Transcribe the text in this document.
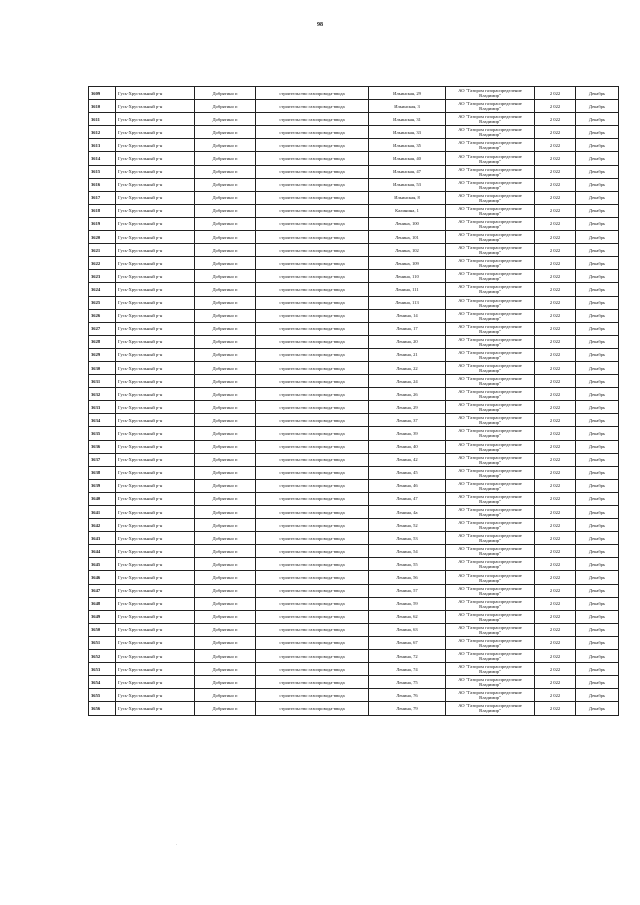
98
3609	Гусь-Хрустальный р-н	Добрятино п	строительство газопровода-ввода	Ильинская, 29	АО "Газпром газораспределение
Владимир"	2 022	Декабрь
3610	Гусь-Хрустальный р-н	Добрятино п	строительство газопровода-ввода	Ильинская, 3	АО "Газпром газораспределение
Владимир"	2 022	Декабрь
3611	Гусь-Хрустальный р-н	Добрятино п	строительство газопровода-ввода	Ильинская, 31	АО "Газпром газораспределение
Владимир"	2 022	Декабрь
3612	Гусь-Хрустальный р-н	Добрятино п	строительство газопровода-ввода	Ильинская, 33	АО "Газпром газораспределение
Владимир"	2 022	Декабрь
3613	Гусь-Хрустальный р-н	Добрятино п	строительство газопровода-ввода	Ильинская, 35	АО "Газпром газораспределение
Владимир"	2 022	Декабрь
3614	Гусь-Хрустальный р-н	Добрятино п	строительство газопровода-ввода	Ильинская, 40	АО "Газпром газораспределение
Владимир"	2 022	Декабрь
3615	Гусь-Хрустальный р-н	Добрятино п	строительство газопровода-ввода	Ильинская, 47	АО "Газпром газораспределение
Владимир"	2 022	Декабрь
3616	Гусь-Хрустальный р-н	Добрятино п	строительство газопровода-ввода	Ильинская, 53	АО "Газпром газораспределение
Владимир"	2 022	Декабрь
3617	Гусь-Хрустальный р-н	Добрятино п	строительство газопровода-ввода	Ильинская, 8	АО "Газпром газораспределение
Владимир"	2 022	Декабрь
3618	Гусь-Хрустальный р-н	Добрятино п	строительство газопровода-ввода	Калинина, 1	АО "Газпром газораспределение
Владимир"	2 022	Декабрь
3619	Гусь-Хрустальный р-н	Добрятино п	строительство газопровода-ввода	Ленина, 100	АО "Газпром газораспределение
Владимир"	2 022	Декабрь
3620	Гусь-Хрустальный р-н	Добрятино п	строительство газопровода-ввода	Ленина, 101	АО "Газпром газораспределение
Владимир"	2 022	Декабрь
3621	Гусь-Хрустальный р-н	Добрятино п	строительство газопровода-ввода	Ленина, 102	АО "Газпром газораспределение
Владимир"	2 022	Декабрь
3622	Гусь-Хрустальный р-н	Добрятино п	строительство газопровода-ввода	Ленина, 109	АО "Газпром газораспределение
Владимир"	2 022	Декабрь
3623	Гусь-Хрустальный р-н	Добрятино п	строительство газопровода-ввода	Ленина, 110	АО "Газпром газораспределение
Владимир"	2 022	Декабрь
3624	Гусь-Хрустальный р-н	Добрятино п	строительство газопровода-ввода	Ленина, 111	АО "Газпром газораспределение
Владимир"	2 022	Декабрь
3625	Гусь-Хрустальный р-н	Добрятино п	строительство газопровода-ввода	Ленина, 113	АО "Газпром газораспределение
Владимир"	2 022	Декабрь
3626	Гусь-Хрустальный р-н	Добрятино п	строительство газопровода-ввода	Ленина, 14	АО "Газпром газораспределение
Владимир"	2 022	Декабрь
3627	Гусь-Хрустальный р-н	Добрятино п	строительство газопровода-ввода	Ленина, 17	АО "Газпром газораспределение
Владимир"	2 022	Декабрь
3628	Гусь-Хрустальный р-н	Добрятино п	строительство газопровода-ввода	Ленина, 20	АО "Газпром газораспределение
Владимир"	2 022	Декабрь
3629	Гусь-Хрустальный р-н	Добрятино п	строительство газопровода-ввода	Ленина, 21	АО "Газпром газораспределение
Владимир"	2 022	Декабрь
3630	Гусь-Хрустальный р-н	Добрятино п	строительство газопровода-ввода	Ленина, 22	АО "Газпром газораспределение
Владимир"	2 022	Декабрь
3631	Гусь-Хрустальный р-н	Добрятино п	строительство газопровода-ввода	Ленина, 24	АО "Газпром газораспределение
Владимир"	2 022	Декабрь
3632	Гусь-Хрустальный р-н	Добрятино п	строительство газопровода-ввода	Ленина, 26	АО "Газпром газораспределение
Владимир"	2 022	Декабрь
3633	Гусь-Хрустальный р-н	Добрятино п	строительство газопровода-ввода	Ленина, 29	АО "Газпром газораспределение
Владимир"	2 022	Декабрь
3634	Гусь-Хрустальный р-н	Добрятино п	строительство газопровода-ввода	Ленина, 37	АО "Газпром газораспределение
Владимир"	2 022	Декабрь
3635	Гусь-Хрустальный р-н	Добрятино п	строительство газопровода-ввода	Ленина, 39	АО "Газпром газораспределение
Владимир"	2 022	Декабрь
3636	Гусь-Хрустальный р-н	Добрятино п	строительство газопровода-ввода	Ленина, 40	АО "Газпром газораспределение
Владимир"	2 022	Декабрь
3637	Гусь-Хрустальный р-н	Добрятино п	строительство газопровода-ввода	Ленина, 42	АО "Газпром газораспределение
Владимир"	2 022	Декабрь
3638	Гусь-Хрустальный р-н	Добрятино п	строительство газопровода-ввода	Ленина, 45	АО "Газпром газораспределение
Владимир"	2 022	Декабрь
3639	Гусь-Хрустальный р-н	Добрятино п	строительство газопровода-ввода	Ленина, 46	АО "Газпром газораспределение
Владимир"	2 022	Декабрь
3640	Гусь-Хрустальный р-н	Добрятино п	строительство газопровода-ввода	Ленина, 47	АО "Газпром газораспределение
Владимир"	2 022	Декабрь
3641	Гусь-Хрустальный р-н	Добрятино п	строительство газопровода-ввода	Ленина, 4а	АО "Газпром газораспределение
Владимир"	2 022	Декабрь
3642	Гусь-Хрустальный р-н	Добрятино п	строительство газопровода-ввода	Ленина, 52	АО "Газпром газораспределение
Владимир"	2 022	Декабрь
3643	Гусь-Хрустальный р-н	Добрятино п	строительство газопровода-ввода	Ленина, 53	АО "Газпром газораспределение
Владимир"	2 022	Декабрь
3644	Гусь-Хрустальный р-н	Добрятино п	строительство газопровода-ввода	Ленина, 54	АО "Газпром газораспределение
Владимир"	2 022	Декабрь
3645	Гусь-Хрустальный р-н	Добрятино п	строительство газопровода-ввода	Ленина, 55	АО "Газпром газораспределение
Владимир"	2 022	Декабрь
3646	Гусь-Хрустальный р-н	Добрятино п	строительство газопровода-ввода	Ленина, 56	АО "Газпром газораспределение
Владимир"	2 022	Декабрь
3647	Гусь-Хрустальный р-н	Добрятино п	строительство газопровода-ввода	Ленина, 57	АО "Газпром газораспределение
Владимир"	2 022	Декабрь
3648	Гусь-Хрустальный р-н	Добрятино п	строительство газопровода-ввода	Ленина, 59	АО "Газпром газораспределение
Владимир"	2 022	Декабрь
3649	Гусь-Хрустальный р-н	Добрятино п	строительство газопровода-ввода	Ленина, 62	АО "Газпром газораспределение
Владимир"	2 022	Декабрь
3650	Гусь-Хрустальный р-н	Добрятино п	строительство газопровода-ввода	Ленина, 63	АО "Газпром газораспределение
Владимир"	2 022	Декабрь
3651	Гусь-Хрустальный р-н	Добрятино п	строительство газопровода-ввода	Ленина, 67	АО "Газпром газораспределение
Владимир"	2 022	Декабрь
3652	Гусь-Хрустальный р-н	Добрятино п	строительство газопровода-ввода	Ленина, 72	АО "Газпром газораспределение
Владимир"	2 022	Декабрь
3653	Гусь-Хрустальный р-н	Добрятино п	строительство газопровода-ввода	Ленина, 74	АО "Газпром газораспределение
Владимир"	2 022	Декабрь
3654	Гусь-Хрустальный р-н	Добрятино п	строительство газопровода-ввода	Ленина, 75	АО "Газпром газораспределение
Владимир"	2 022	Декабрь
3655	Гусь-Хрустальный р-н	Добрятино п	строительство газопровода-ввода	Ленина, 76	АО "Газпром газораспределение
Владимир"	2 022	Декабрь
3656	Гусь-Хрустальный р-н	Добрятино п	строительство газопровода-ввода	Ленина, 79	АО "Газпром газораспределение
Владимир"	2 022	Декабрь
·
